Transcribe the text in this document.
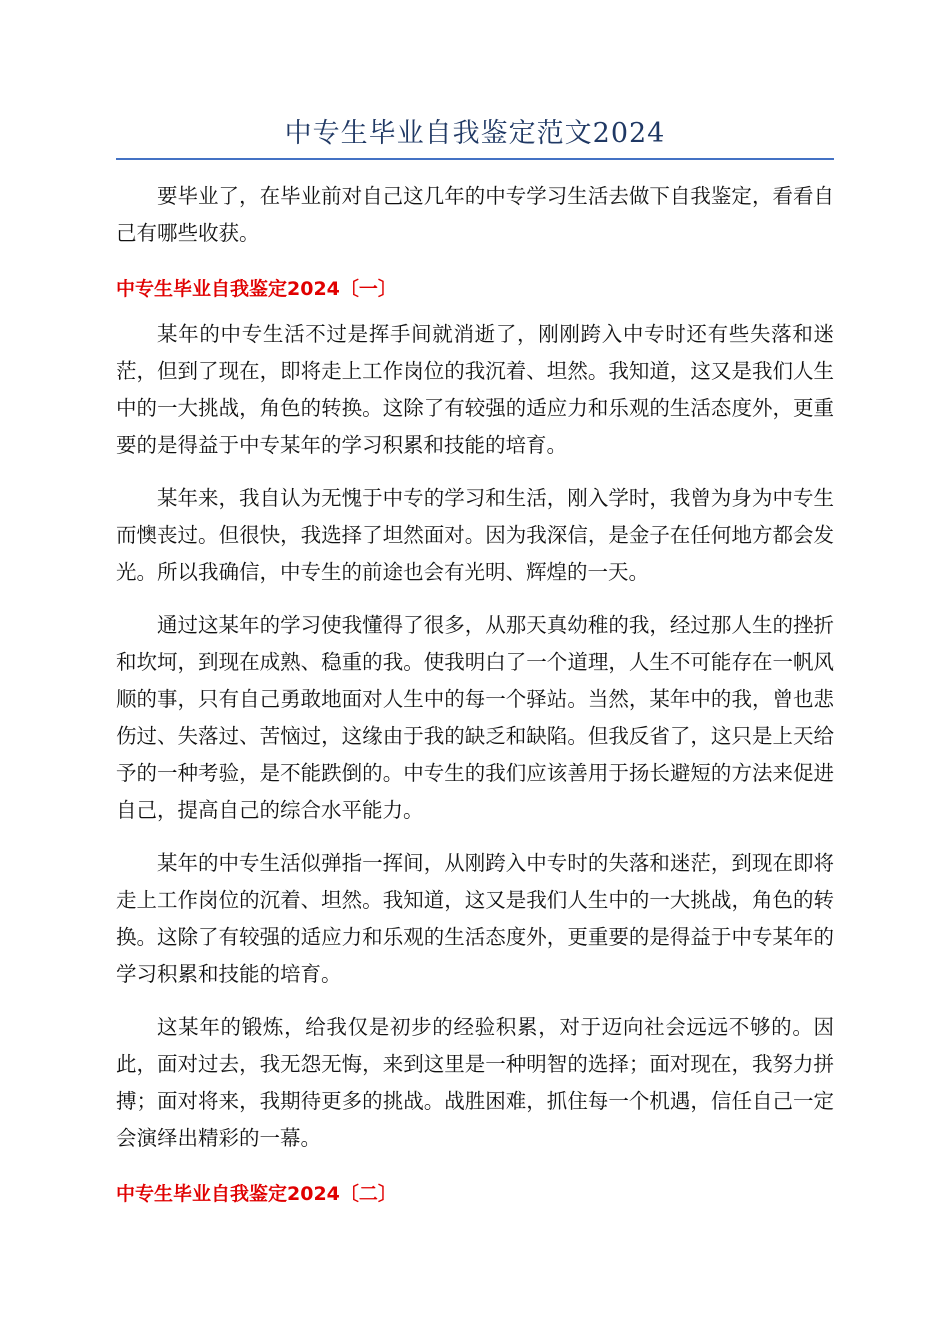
中专生毕业自我鉴定范文2024

要毕业了，在毕业前对自己这几年的中专学习生活去做下自我鉴定，看看自己有哪些收获。

中专生毕业自我鉴定2024〔一〕

某年的中专生活不过是挥手间就消逝了，刚刚跨入中专时还有些失落和迷茫，但到了现在，即将走上工作岗位的我沉着、坦然。我知道，这又是我们人生中的一大挑战，角色的转换。这除了有较强的适应力和乐观的生活态度外，更重要的是得益于中专某年的学习积累和技能的培育。

某年来，我自认为无愧于中专的学习和生活，刚入学时，我曾为身为中专生而懊丧过。但很快，我选择了坦然面对。因为我深信，是金子在任何地方都会发光。所以我确信，中专生的前途也会有光明、辉煌的一天。

通过这某年的学习使我懂得了很多，从那天真幼稚的我，经过那人生的挫折和坎坷，到现在成熟、稳重的我。使我明白了一个道理，人生不可能存在一帆风顺的事，只有自己勇敢地面对人生中的每一个驿站。当然，某年中的我，曾也悲伤过、失落过、苦恼过，这缘由于我的缺乏和缺陷。但我反省了，这只是上天给予的一种考验，是不能跌倒的。中专生的我们应该善用于扬长避短的方法来促进自己，提高自己的综合水平能力。

某年的中专生活似弹指一挥间，从刚跨入中专时的失落和迷茫，到现在即将走上工作岗位的沉着、坦然。我知道，这又是我们人生中的一大挑战，角色的转换。这除了有较强的适应力和乐观的生活态度外，更重要的是得益于中专某年的学习积累和技能的培育。

这某年的锻炼，给我仅是初步的经验积累，对于迈向社会远远不够的。因此，面对过去，我无怨无悔，来到这里是一种明智的选择；面对现在，我努力拼搏；面对将来，我期待更多的挑战。战胜困难，抓住每一个机遇，信任自己一定会演绎出精彩的一幕。

中专生毕业自我鉴定2024〔二〕
